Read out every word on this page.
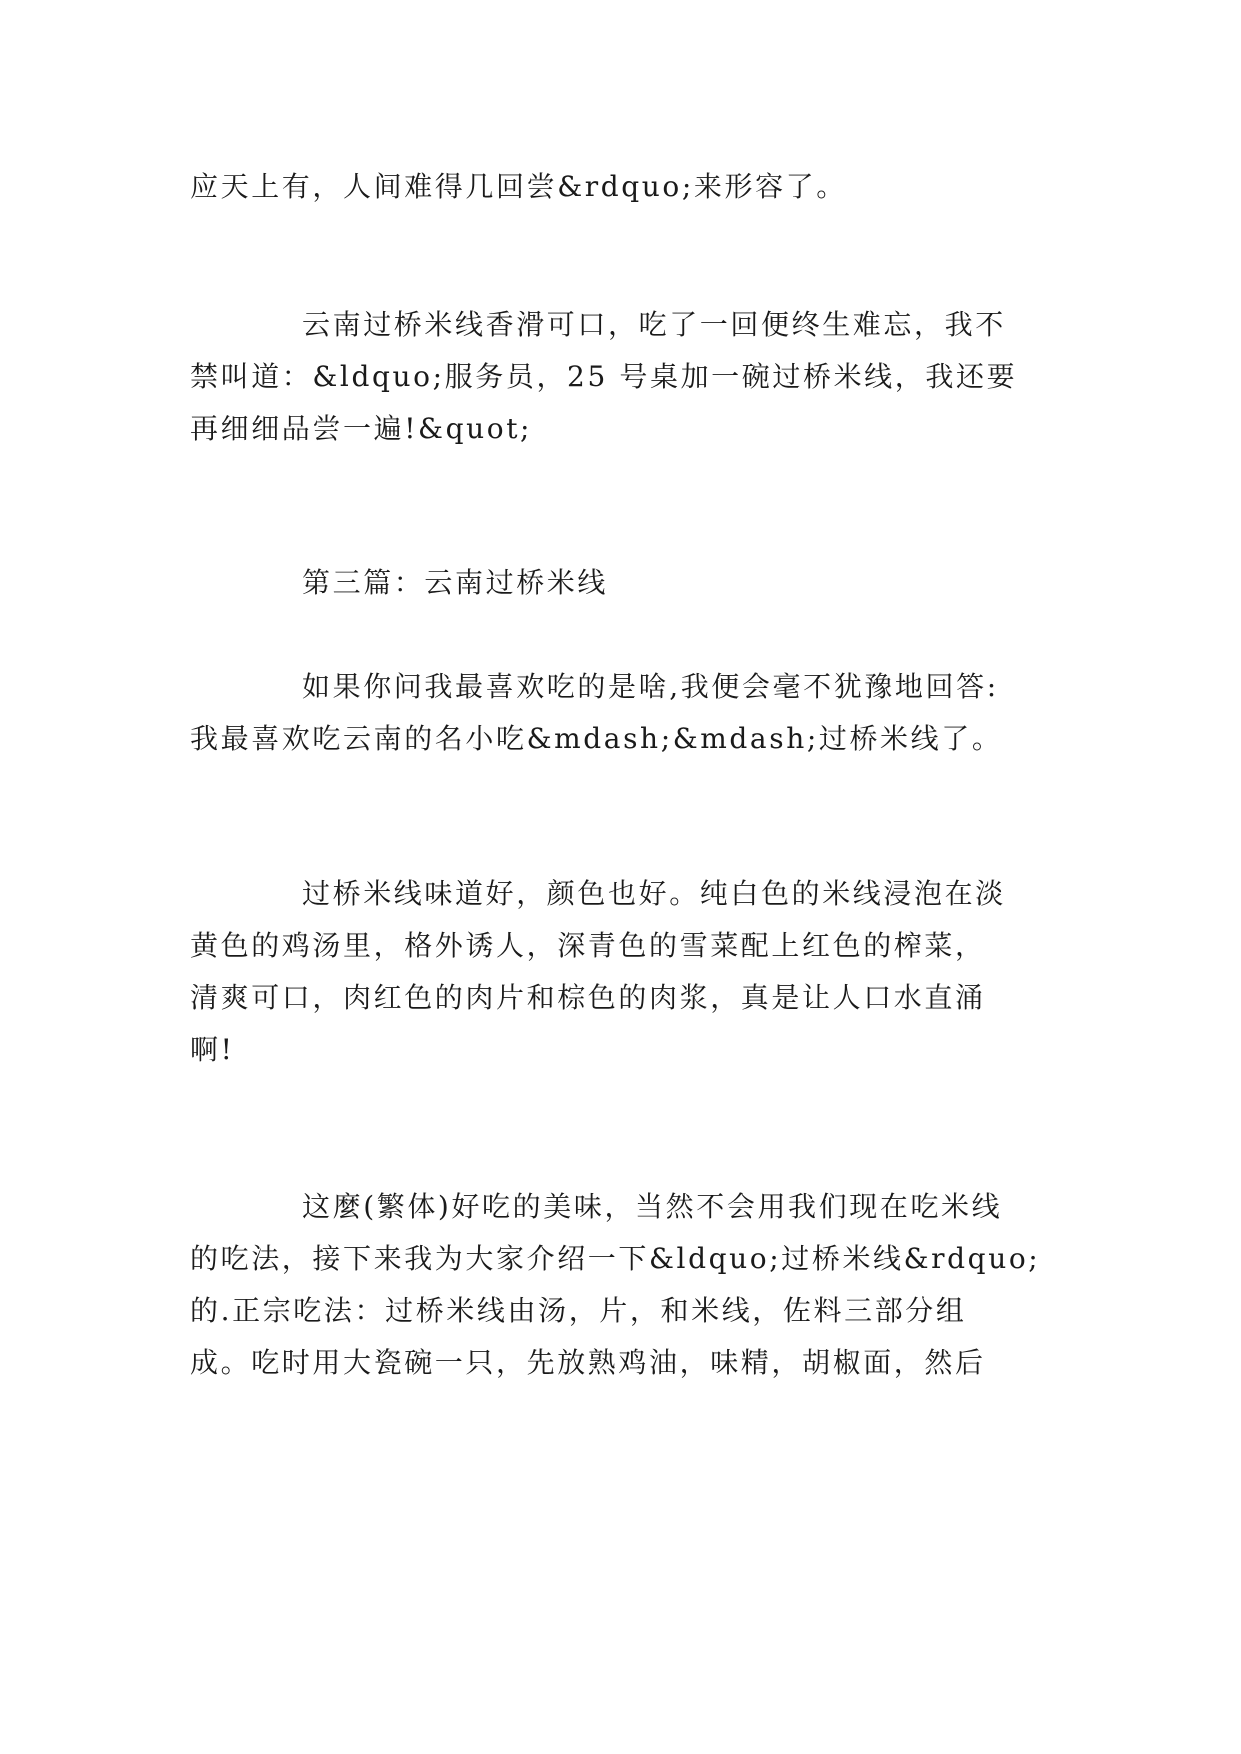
应天上有，人间难得几回尝&rdquo;来形容了。
云南过桥米线香滑可口，吃了一回便终生难忘，我不
禁叫道：&ldquo;服务员，25 号桌加一碗过桥米线，我还要
再细细品尝一遍!&quot;
第三篇：云南过桥米线
如果你问我最喜欢吃的是啥,我便会毫不犹豫地回答:
我最喜欢吃云南的名小吃&mdash;&mdash;过桥米线了。
过桥米线味道好，颜色也好。纯白色的米线浸泡在淡
黄色的鸡汤里，格外诱人，深青色的雪菜配上红色的榨菜，
清爽可口，肉红色的肉片和棕色的肉浆，真是让人口水直涌
啊!
这麼(繁体)好吃的美味，当然不会用我们现在吃米线
的吃法，接下来我为大家介绍一下&ldquo;过桥米线&rdquo;
的.正宗吃法：过桥米线由汤，片，和米线，佐料三部分组
成。吃时用大瓷碗一只，先放熟鸡油，味精，胡椒面，然后
